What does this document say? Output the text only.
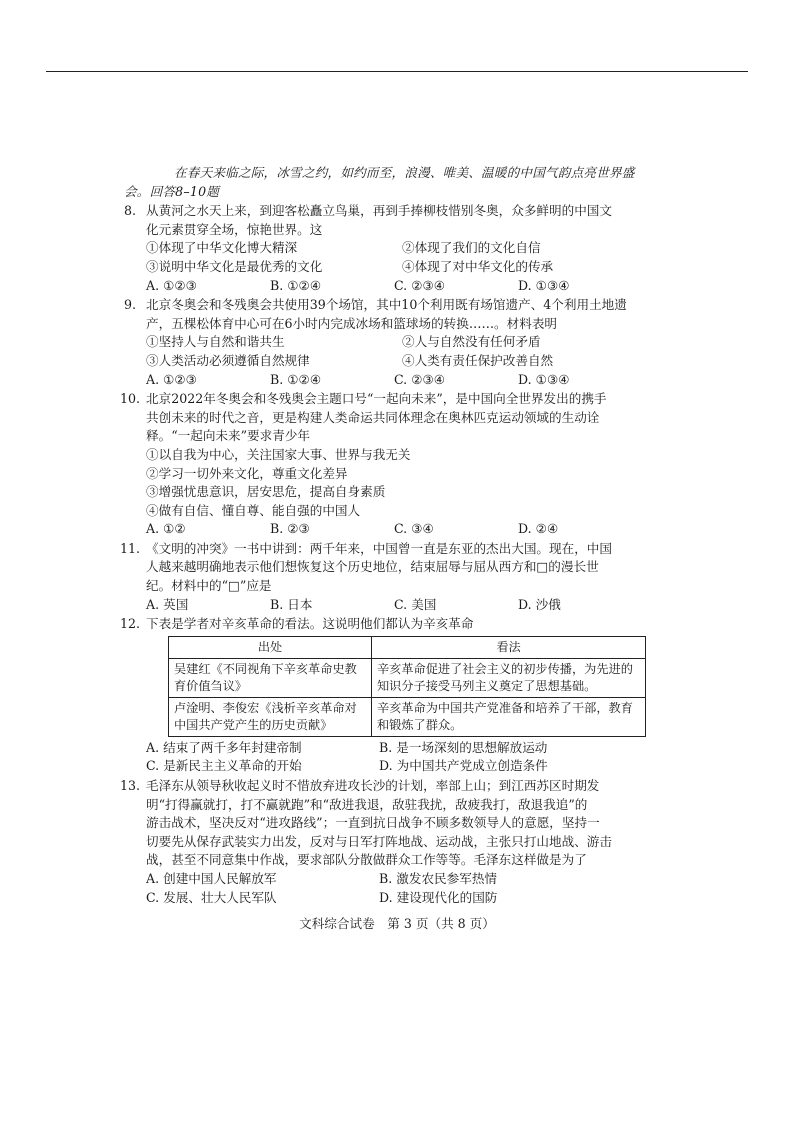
在春天来临之际，冰雪之约，如约而至，浪漫、唯美、温暖的中国气韵点亮世界盛
会。回答8–10题
8. 从黄河之水天上来，到迎客松矗立鸟巢，再到手捧柳枝惜别冬奥，众多鲜明的中国文
化元素贯穿全场，惊艳世界。这
①体现了中华文化博大精深	②体现了我们的文化自信
③说明中华文化是最优秀的文化	④体现了对中华文化的传承
A. ①②③	B. ①②④	C. ②③④	D. ①③④
9. 北京冬奥会和冬残奥会共使用39个场馆，其中10个利用既有场馆遗产、4个利用土地遗
产，五棵松体育中心可在6小时内完成冰场和篮球场的转换……。材料表明
①坚持人与自然和谐共生	②人与自然没有任何矛盾
③人类活动必须遵循自然规律	④人类有责任保护改善自然
A. ①②③	B. ①②④	C. ②③④	D. ①③④
10. 北京2022年冬奥会和冬残奥会主题口号“一起向未来”，是中国向全世界发出的携手
共创未来的时代之音，更是构建人类命运共同体理念在奥林匹克运动领域的生动诠
释。“一起向未来”要求青少年
①以自我为中心，关注国家大事、世界与我无关
②学习一切外来文化，尊重文化差异
③增强忧患意识，居安思危，提高自身素质
④做有自信、懂自尊、能自强的中国人
A. ①②	B. ②③	C. ③④	D. ②④
11. 《文明的冲突》一书中讲到：两千年来，中国曾一直是东亚的杰出大国。现在，中国
人越来越明确地表示他们想恢复这个历史地位，结束屈辱与屈从西方和□的漫长世
纪。材料中的“□”应是
A. 英国	B. 日本	C. 美国	D. 沙俄
12. 下表是学者对辛亥革命的看法。这说明他们都认为辛亥革命
出处	看法
吴建红《不同视角下辛亥革命史教育价值刍议》	辛亥革命促进了社会主义的初步传播，为先进的知识分子接受马列主义奠定了思想基础。
卢淦明、李俊宏《浅析辛亥革命对中国共产党产生的历史贡献》	辛亥革命为中国共产党准备和培养了干部，教育和锻炼了群众。
A. 结束了两千多年封建帝制	B. 是一场深刻的思想解放运动
C. 是新民主主义革命的开始	D. 为中国共产党成立创造条件
13. 毛泽东从领导秋收起义时不惜放弃进攻长沙的计划，率部上山；到江西苏区时期发
明“打得赢就打，打不赢就跑”和“敌进我退，敌驻我扰，敌疲我打，敌退我追”的
游击战术，坚决反对“进攻路线”；一直到抗日战争不顾多数领导人的意愿，坚持一
切要先从保存武装实力出发，反对与日军打阵地战、运动战，主张只打山地战、游击
战，甚至不同意集中作战，要求部队分散做群众工作等等。毛泽东这样做是为了
A. 创建中国人民解放军	B. 激发农民参军热情
C. 发展、壮大人民军队	D. 建设现代化的国防
文科综合试卷　第 3 页（共 8 页）
